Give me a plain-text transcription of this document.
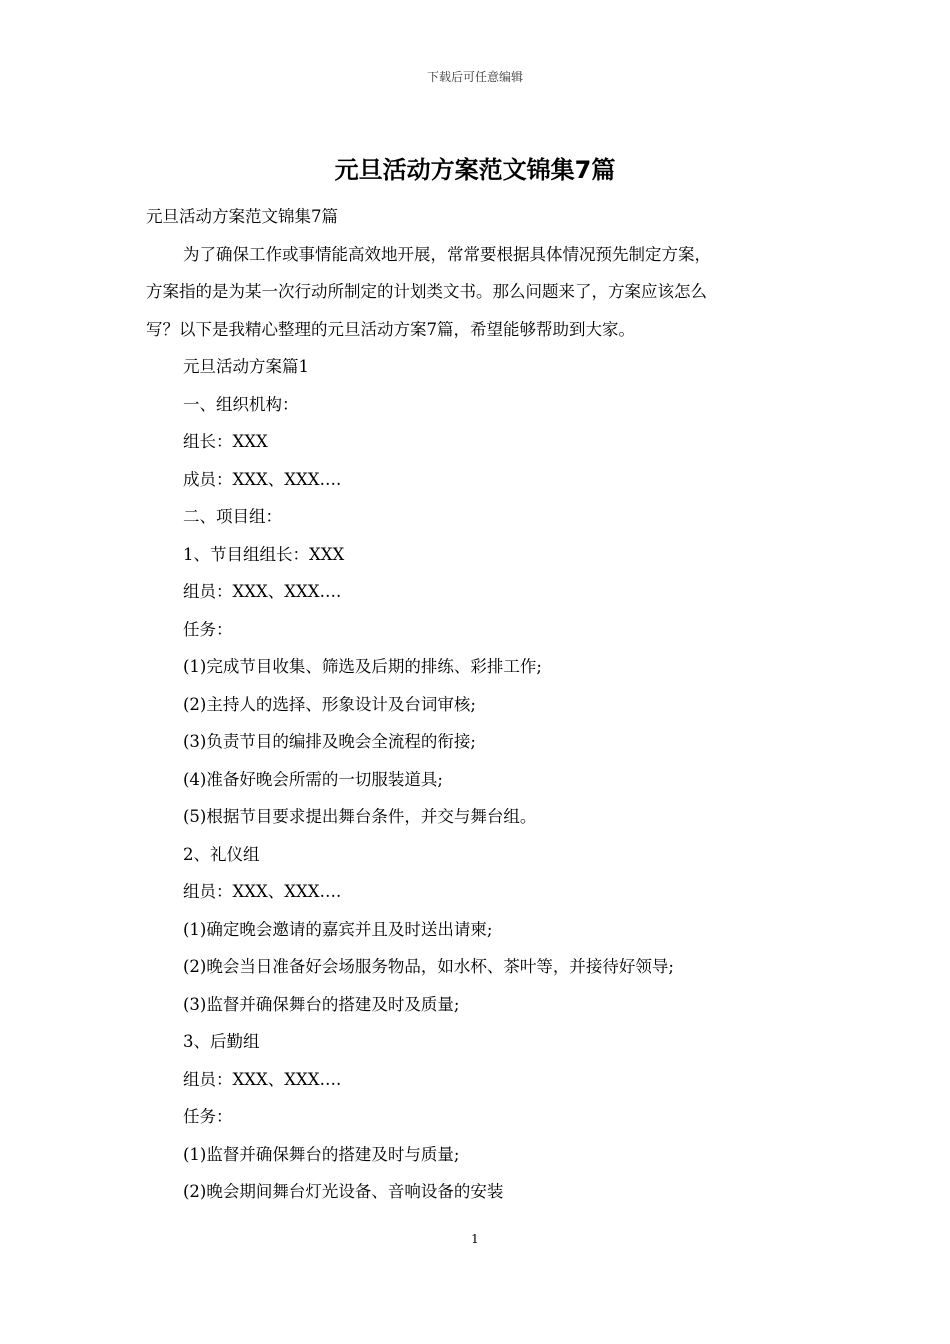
下载后可任意编辑
元旦活动方案范文锦集7篇

元旦活动方案范文锦集7篇

为了确保工作或事情能高效地开展，常常要根据具体情况预先制定方案，

方案指的是为某一次行动所制定的计划类文书。那么问题来了，方案应该怎么

写？以下是我精心整理的元旦活动方案7篇，希望能够帮助到大家。

元旦活动方案篇1

一、组织机构：

组长：XXX

成员：XXX、XXX….

二、项目组：

1、节目组组长：XXX

组员：XXX、XXX….

任务：

(1)完成节目收集、筛选及后期的排练、彩排工作;

(2)主持人的选择、形象设计及台词审核;

(3)负责节目的编排及晚会全流程的衔接;

(4)准备好晚会所需的一切服装道具;

(5)根据节目要求提出舞台条件，并交与舞台组。

2、礼仪组

组员：XXX、XXX….

(1)确定晚会邀请的嘉宾并且及时送出请柬;

(2)晚会当日准备好会场服务物品，如水杯、茶叶等，并接待好领导;

(3)监督并确保舞台的搭建及时及质量;

3、后勤组

组员：XXX、XXX….

任务：

(1)监督并确保舞台的搭建及时与质量;

(2)晚会期间舞台灯光设备、音响设备的安装

1
